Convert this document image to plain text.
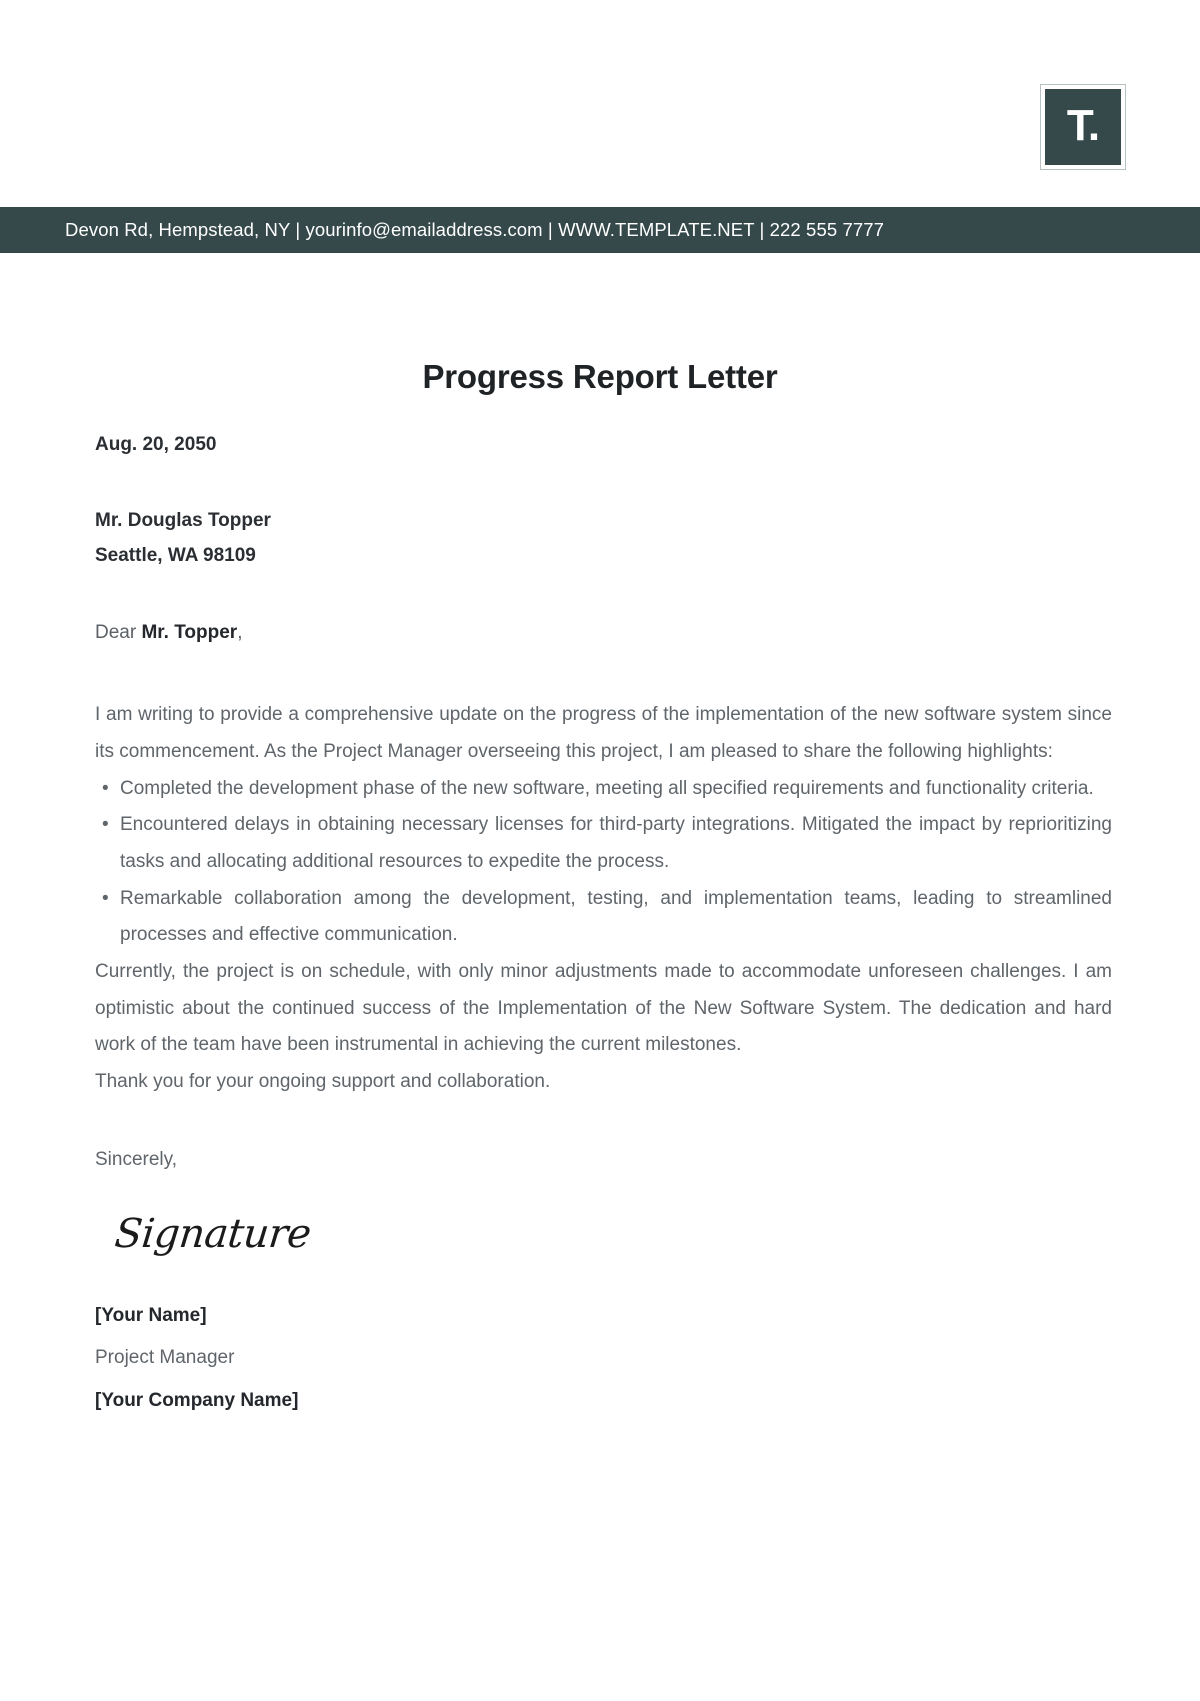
T.
Devon Rd, Hempstead, NY | yourinfo@emailaddress.com | WWW.TEMPLATE.NET | 222 555 7777
Progress Report Letter
Aug. 20, 2050
Mr. Douglas Topper
Seattle, WA 98109
Dear Mr. Topper,

I am writing to provide a comprehensive update on the progress of the implementation of the new software system since its commencement. As the Project Manager overseeing this project, I am pleased to share the following highlights:

• Completed the development phase of the new software, meeting all specified requirements and functionality criteria.
• Encountered delays in obtaining necessary licenses for third-party integrations. Mitigated the impact by reprioritizing tasks and allocating additional resources to expedite the process.
• Remarkable collaboration among the development, testing, and implementation teams, leading to streamlined processes and effective communication.

Currently, the project is on schedule, with only minor adjustments made to accommodate unforeseen challenges. I am optimistic about the continued success of the Implementation of the New Software System. The dedication and hard work of the team have been instrumental in achieving the current milestones.

Thank you for your ongoing support and collaboration.

Sincerely,
Signature
[Your Name]
Project Manager
[Your Company Name]
